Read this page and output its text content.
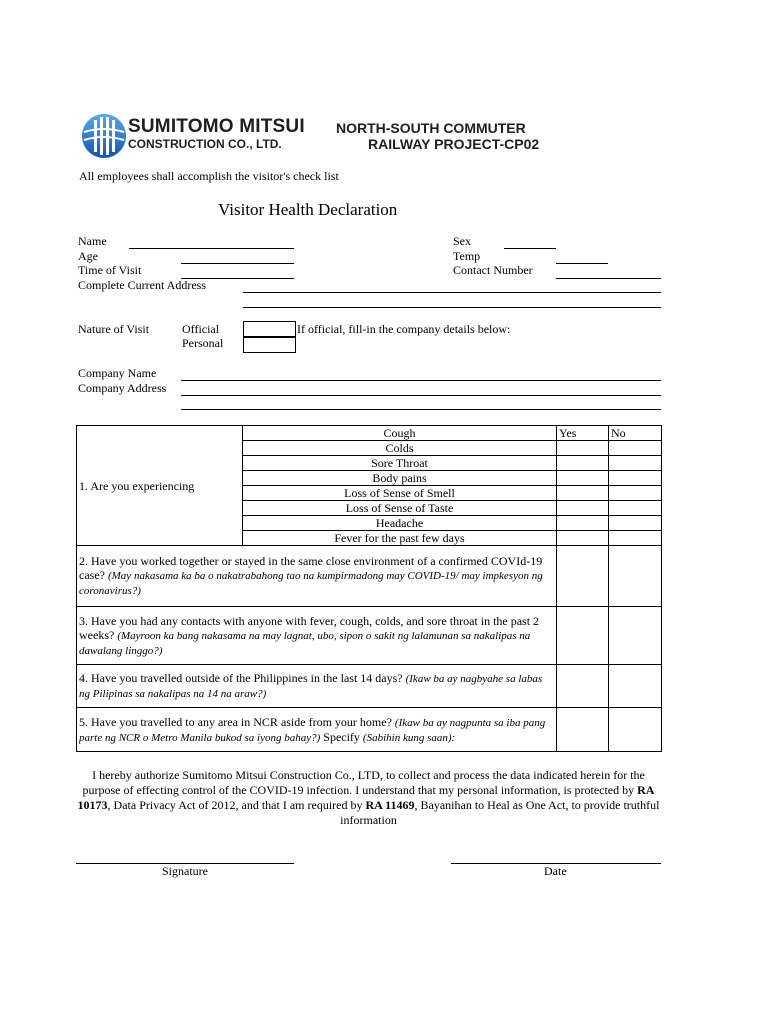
SUMITOMO MITSUI
CONSTRUCTION CO., LTD.
NORTH-SOUTH COMMUTER
RAILWAY PROJECT-CP02
All employees shall accomplish the visitor's check list
Visitor Health Declaration
Name
Age
Time of Visit
Complete Current Address
Sex
Temp
Contact Number
Nature of Visit	Official
Personal
If official, fill-in the company details below:
Company Name
Company Address
1. Are you experiencing	Cough	Yes	No
	Colds		
	Sore Throat		
	Body pains		
	Loss of Sense of Smell		
	Loss of Sense of Taste		
	Headache		
	Fever for the past few days		
2. Have you worked together or stayed in the same close environment of a confirmed COVId-19 case? (May nakasama ka ba o nakatrabahong tao na kumpirmadong may COVID-19/ may impkesyon ng coronavirus?)			
3. Have you had any contacts with anyone with fever, cough, colds, and sore throat in the past 2 weeks? (Mayroon ka bang nakasama na may lagnat, ubo, sipon o sakit ng lalamunan sa nakalipas na dawalang linggo?)			
4. Have you travelled outside of the Philippines in the last 14 days? (Ikaw ba ay nagbyahe sa labas ng Pilipinas sa nakalipas na 14 na araw?)			
5. Have you travelled to any area in NCR aside from your home? (Ikaw ba ay nagpunta sa iba pang parte ng NCR o Metro Manila bukod sa iyong bahay?) Specify (Sabihin kung saan):			
I hereby authorize Sumitomo Mitsui Construction Co., LTD, to collect and process the data indicated herein for the purpose of effecting control of the COVID-19 infection. I understand that my personal information, is protected by RA 10173, Data Privacy Act of 2012, and that I am required by RA 11469, Bayanihan to Heal as One Act, to provide truthful information
Signature	Date
